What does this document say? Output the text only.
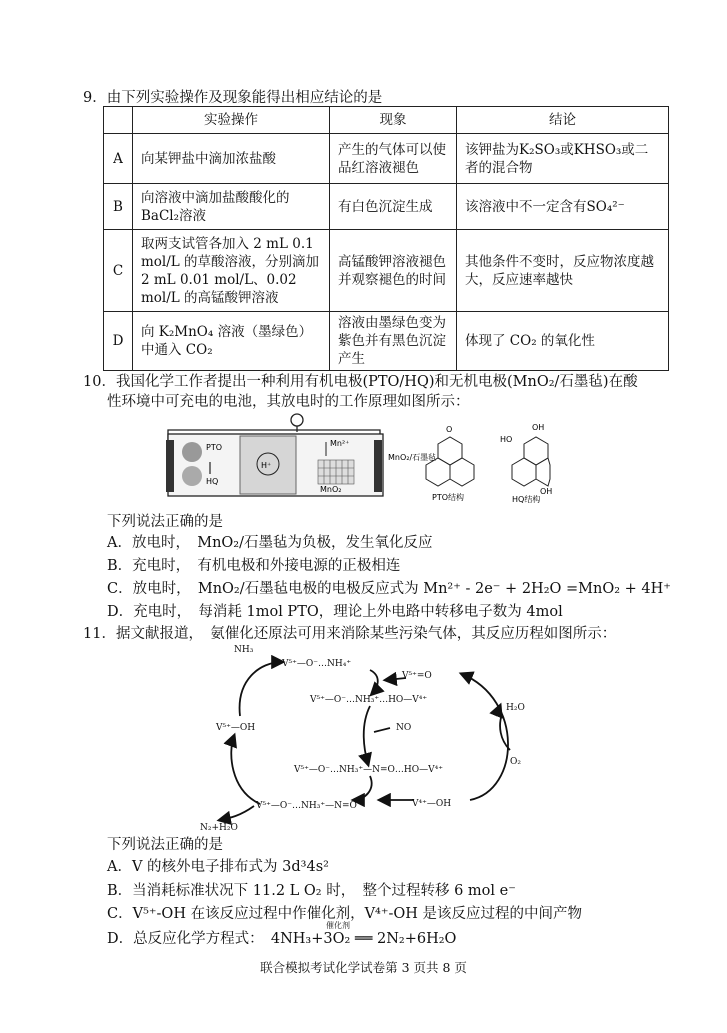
9．由下列实验操作及现象能得出相应结论的是
	实验操作	现象	结论
A	向某钾盐中滴加浓盐酸	产生的气体可以使品红溶液褪色	该钾盐为K₂SO₃或KHSO₃或二者的混合物
B	向溶液中滴加盐酸酸化的BaCl₂溶液	有白色沉淀生成	该溶液中不一定含有SO₄²⁻
C	取两支试管各加入 2 mL 0.1 mol/L 的草酸溶液，分别滴加 2 mL 0.01 mol/L、0.02 mol/L 的高锰酸钾溶液	高锰酸钾溶液褪色并观察褪色的时间	其他条件不变时，反应物浓度越大，反应速率越快
D	向 K₂MnO₄ 溶液（墨绿色）中通入 CO₂	溶液由墨绿色变为紫色并有黑色沉淀产生	体现了 CO₂ 的氧化性
10．我国化学工作者提出一种利用有机电极(PTO/HQ)和无机电极(MnO₂/石墨毡)在酸
性环境中可充电的电池，其放电时的工作原理如图所示：
PTO
HQ
H⁺
Mn²⁺
MnO₂
MnO₂/石墨毡
O
PTO结构
OH
HO
OH
HQ结构
下列说法正确的是
A．放电时，　MnO₂/石墨毡为负极，发生氧化反应
B．充电时，　有机电极和外接电源的正极相连
C．放电时，　MnO₂/石墨毡电极的电极反应式为 Mn²⁺ - 2e⁻ + 2H₂O =MnO₂ + 4H⁺
D．充电时，　每消耗 1mol PTO，理论上外电路中转移电子数为 4mol
11．据文献报道，　氨催化还原法可用来消除某些污染气体，其反应历程如图所示：
NH₃
V⁵⁺—O⁻…NH₄⁺
V⁵⁺=O
V⁵⁺—O⁻…NH₃⁺…HO—V⁴⁺
NO
V⁵⁺—O⁻…NH₃⁺—N=O…HO—V⁴⁺
V⁵⁺—OH
V⁵⁺—O⁻…NH₃⁺—N=O	V⁴⁺—OH
H₂O
O₂
N₂+H₂O
下列说法正确的是
A．V 的核外电子排布式为 3d³4s²
B．当消耗标准状况下 11.2 L O₂ 时，　整个过程转移 6 mol e⁻
C．V⁵⁺-OH 在该反应过程中作催化剂，V⁴⁺-OH 是该反应过程的中间产物
D．总反应化学方程式：　4NH₃+3O₂ ══ 2N₂+6H₂O
催化剂
联合模拟考试化学试卷第 3 页共 8 页
